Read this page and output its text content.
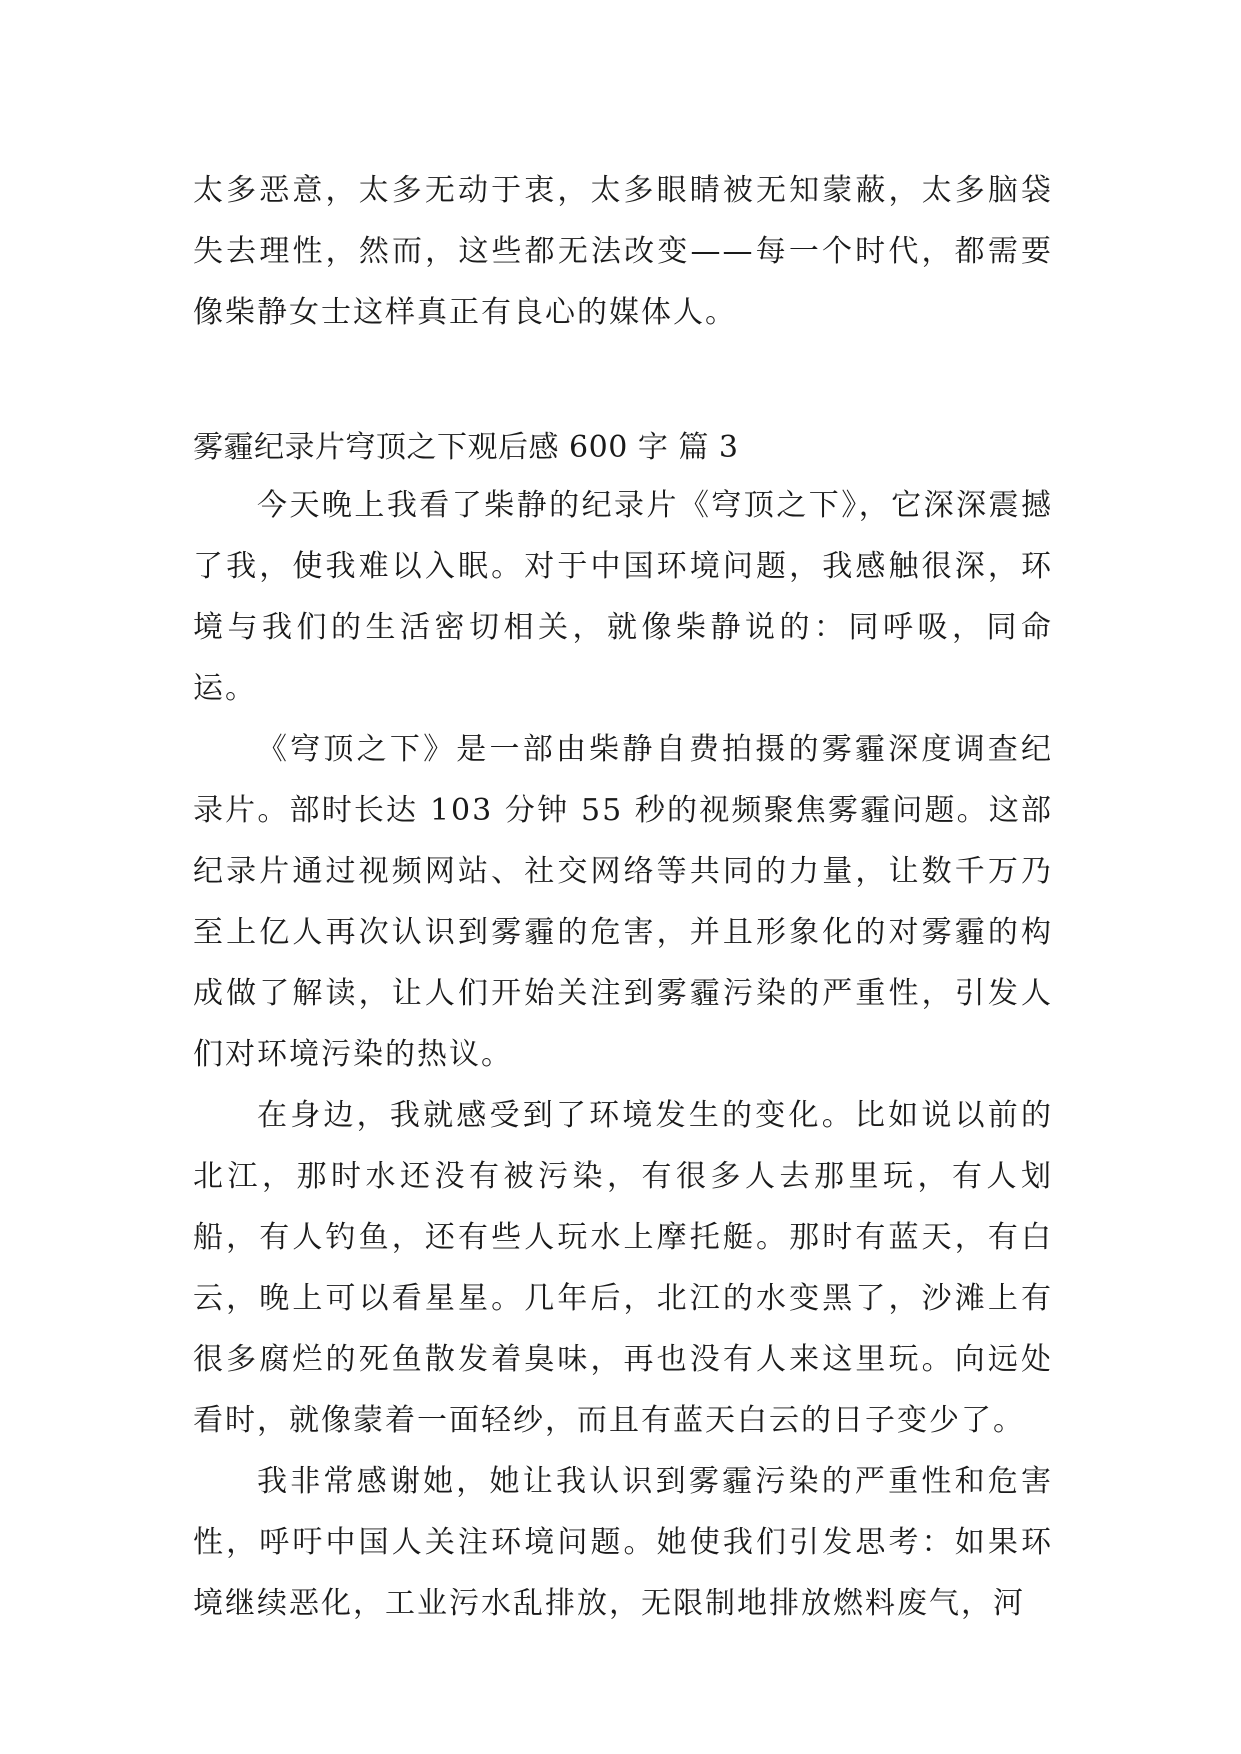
太多恶意，太多无动于衷，太多眼睛被无知蒙蔽，太多脑袋失去理性，然而，这些都无法改变——每一个时代，都需要像柴静女士这样真正有良心的媒体人。

雾霾纪录片穹顶之下观后感 600 字 篇 3

今天晚上我看了柴静的纪录片《穹顶之下》，它深深震撼了我，使我难以入眠。对于中国环境问题，我感触很深，环境与我们的生活密切相关，就像柴静说的：同呼吸，同命运。

《穹顶之下》是一部由柴静自费拍摄的雾霾深度调查纪录片。部时长达 103 分钟 55 秒的视频聚焦雾霾问题。这部纪录片通过视频网站、社交网络等共同的力量，让数千万乃至上亿人再次认识到雾霾的危害，并且形象化的对雾霾的构成做了解读，让人们开始关注到雾霾污染的严重性，引发人们对环境污染的热议。

在身边，我就感受到了环境发生的变化。比如说以前的北江，那时水还没有被污染，有很多人去那里玩，有人划船，有人钓鱼，还有些人玩水上摩托艇。那时有蓝天，有白云，晚上可以看星星。几年后，北江的水变黑了，沙滩上有很多腐烂的死鱼散发着臭味，再也没有人来这里玩。向远处看时，就像蒙着一面轻纱，而且有蓝天白云的日子变少了。

我非常感谢她，她让我认识到雾霾污染的严重性和危害性，呼吁中国人关注环境问题。她使我们引发思考：如果环境继续恶化，工业污水乱排放，无限制地排放燃料废气，河
